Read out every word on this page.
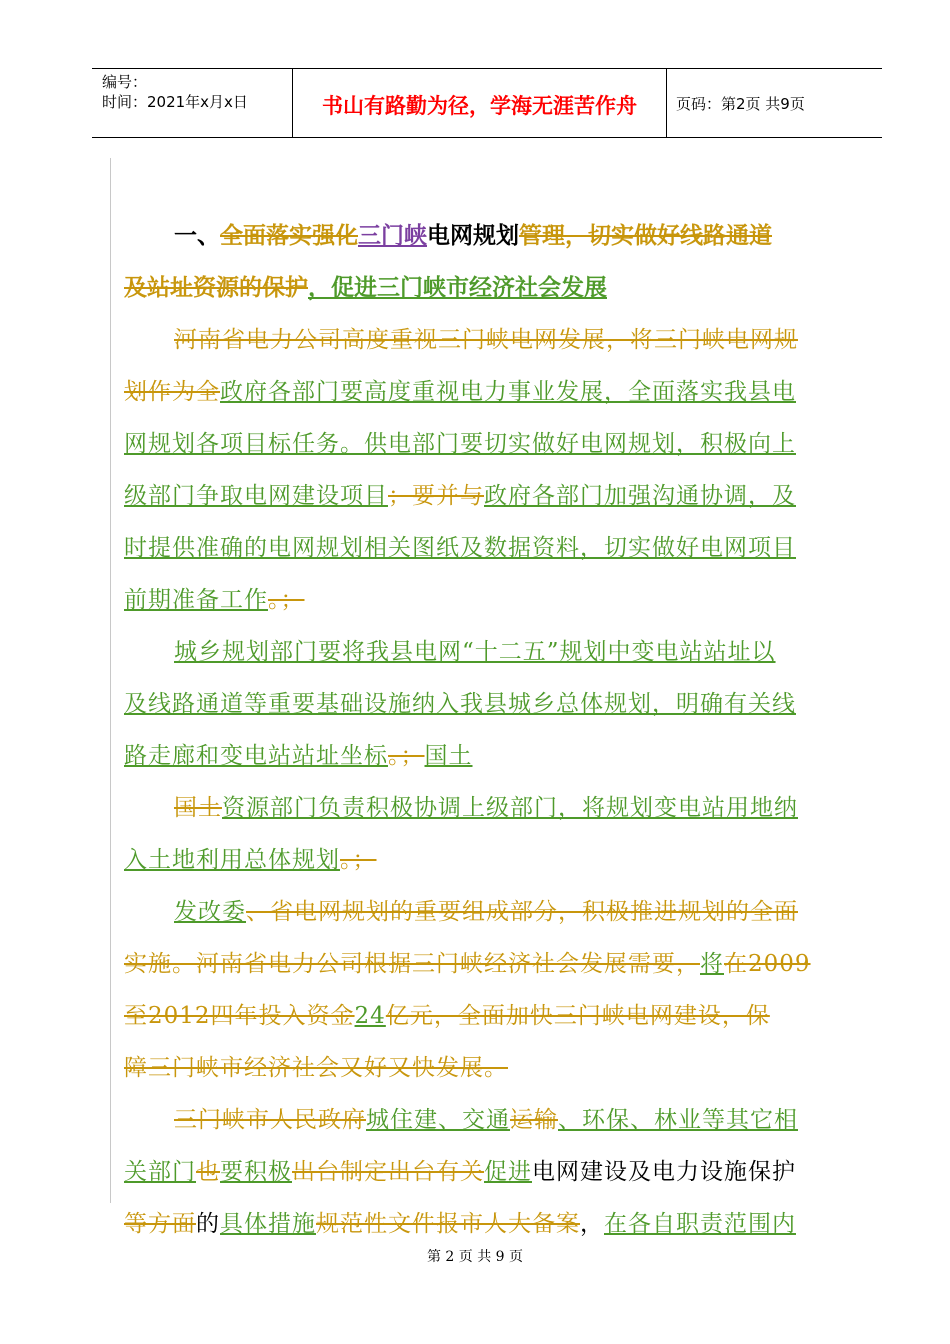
编号：
时间：2021年x月x日	书山有路勤为径，学海无涯苦作舟	页码：第2页 共9页
一、全面落实强化三门峡电网规划管理，切实做好线路通道
及站址资源的保护，促进三门峡市经济社会发展
河南省电力公司高度重视三门峡电网发展，将三门峡电网规
划作为全政府各部门要高度重视电力事业发展，全面落实我县电
网规划各项目标任务。供电部门要切实做好电网规划，积极向上
级部门争取电网建设项目；要并与政府各部门加强沟通协调，及
时提供准确的电网规划相关图纸及数据资料，切实做好电网项目
前期准备工作。；
城乡规划部门要将我县电网“十二五”规划中变电站站址以
及线路通道等重要基础设施纳入我县城乡总体规划，明确有关线
路走廊和变电站站址坐标。；国土
国土资源部门负责积极协调上级部门，将规划变电站用地纳
入土地利用总体规划。；
发改委、省电网规划的重要组成部分，积极推进规划的全面
实施。河南省电力公司根据三门峡经济社会发展需要，将在2009
至2012四年投入资金24亿元，全面加快三门峡电网建设，保
障三门峡市经济社会又好又快发展。
三门峡市人民政府城住建、交通运输、环保、林业等其它相
关部门也要积极出台制定出台有关促进电网建设及电力设施保护
等方面的具体措施规范性文件报市人大备案，在各自职责范围内
第 2 页 共 9 页
